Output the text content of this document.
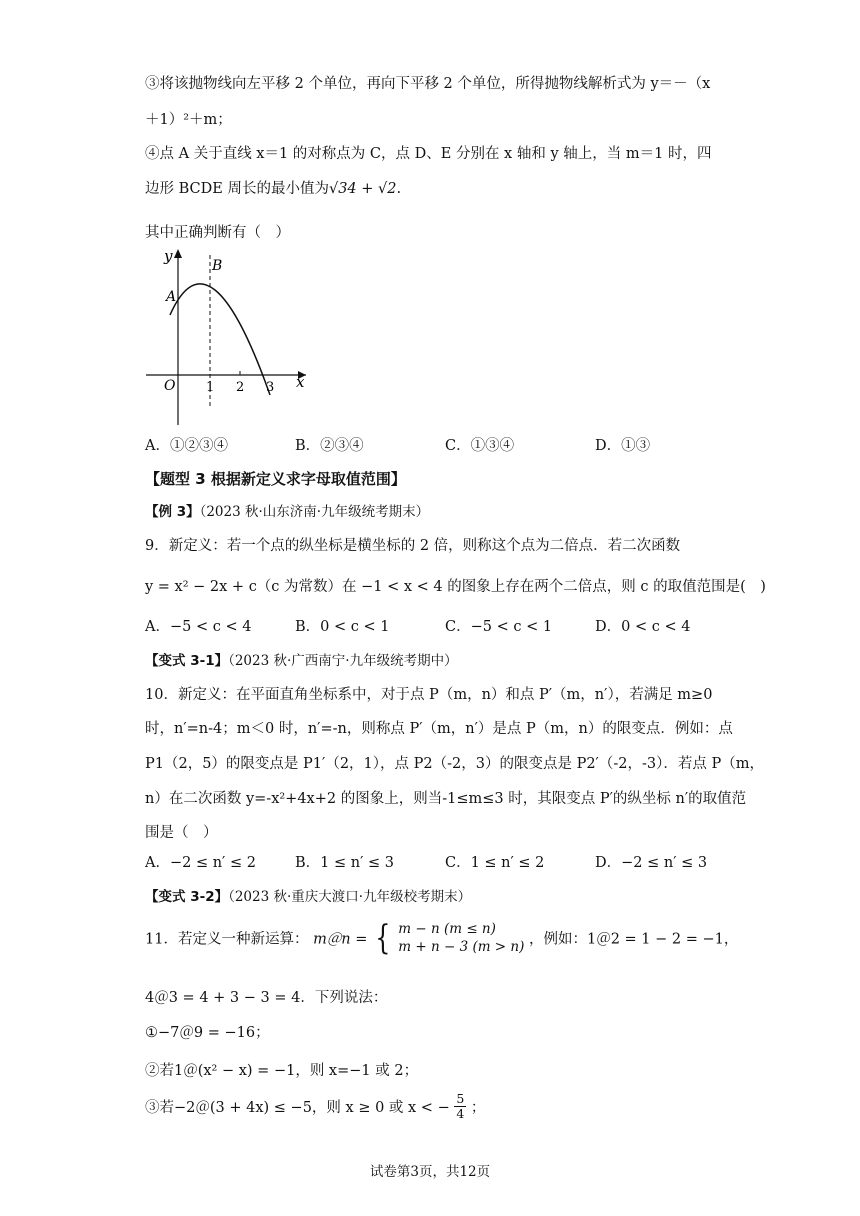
③将该抛物线向左平移 2 个单位，再向下平移 2 个单位，所得抛物线解析式为 y＝－（x
＋1）²＋m；
④点 A 关于直线 x＝1 的对称点为 C，点 D、E 分别在 x 轴和 y 轴上，当 m＝1 时，四
边形 BCDE 周长的最小值为√34 + √2.
其中正确判断有（　）
y
x
O
A
B
1 2 3
A．①②③④	B．②③④	C．①③④	D．①③
【题型 3 根据新定义求字母取值范围】
【例 3】（2023 秋·山东济南·九年级统考期末）
9．新定义：若一个点的纵坐标是横坐标的 2 倍，则称这个点为二倍点．若二次函数
y = x² − 2x + c（c 为常数）在 −1 < x < 4 的图象上存在两个二倍点，则 c 的取值范围是(　)
A．−5 < c < 4	B．0 < c < 1	C．−5 < c < 1	D．0 < c < 4
【变式 3-1】（2023 秋·广西南宁·九年级统考期中）
10．新定义：在平面直角坐标系中，对于点 P（m，n）和点 P′（m，n′），若满足 m≥0
时，n′=n-4；m＜0 时，n′=-n，则称点 P′（m，n′）是点 P（m，n）的限变点．例如：点
P1（2，5）的限变点是 P1′（2，1），点 P2（-2，3）的限变点是 P2′（-2，-3）．若点 P（m，
n）在二次函数 y=-x²+4x+2 的图象上，则当-1≤m≤3 时，其限变点 P′的纵坐标 n′的取值范
围是（　）
A．−2 ≤ n′ ≤ 2	B．1 ≤ n′ ≤ 3	C．1 ≤ n′ ≤ 2	D．−2 ≤ n′ ≤ 3
【变式 3-2】（2023 秋·重庆大渡口·九年级校考期末）
11．若定义一种新运算： m＠n = { m − n (m ≤ n)
m + n − 3 (m > n) ，例如：1＠2 = 1 − 2 = −1，
4＠3 = 4 + 3 − 3 = 4．下列说法：
①−7＠9 = −16；
②若1＠(x² − x) = −1，则 x=−1 或 2；
③若−2＠(3 + 4x) ≤ −5，则 x ≥ 0 或 x < − $\frac{5}{4}$ ；
试卷第3页，共12页
